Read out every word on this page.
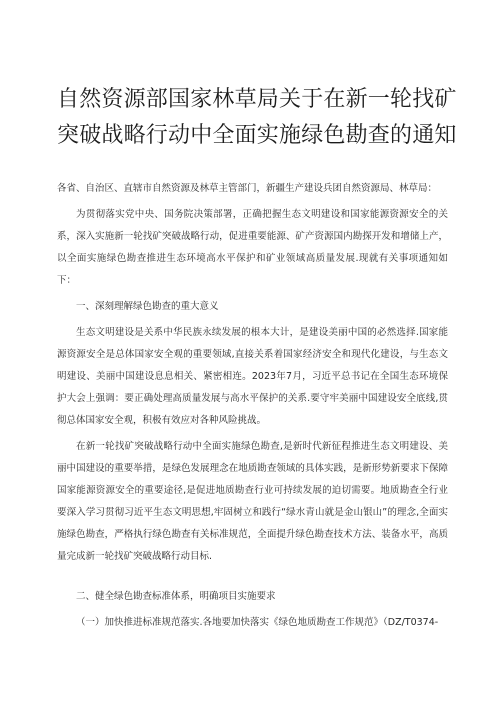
自然资源部国家林草局关于在新一轮找矿
突破战略行动中全面实施绿色勘查的通知

各省、自治区、直辖市自然资源及林草主管部门，新疆生产建设兵团自然资源局、林草局：

为贯彻落实党中央、国务院决策部署，正确把握生态文明建设和国家能源资源安全的关系，深入实施新一轮找矿突破战略行动，促进重要能源、矿产资源国内勘探开发和增储上产，以全面实施绿色勘查推进生态环境高水平保护和矿业领域高质量发展.现就有关事项通知如下：

一、深刻理解绿色勘查的重大意义

生态文明建设是关系中华民族永续发展的根本大计，是建设美丽中国的必然选择.国家能源资源安全是总体国家安全观的重要领域,直接关系着国家经济安全和现代化建设，与生态文明建设、美丽中国建设息息相关、紧密相连。2023年7月，习近平总书记在全国生态环境保护大会上强调：要正确处理高质量发展与高水平保护的关系.要守牢美丽中国建设安全底线,贯彻总体国家安全观，积极有效应对各种风险挑战。

在新一轮找矿突破战略行动中全面实施绿色勘查,是新时代新征程推进生态文明建设、美丽中国建设的重要举措，是绿色发展理念在地质勘查领域的具体实践，是新形势新要求下保障国家能源资源安全的重要途径,是促进地质勘查行业可持续发展的迫切需要。地质勘查全行业要深入学习贯彻习近平生态文明思想,牢固树立和践行“绿水青山就是金山银山”的理念,全面实施绿色勘查，严格执行绿色勘查有关标准规范，全面提升绿色勘查技术方法、装备水平，高质量完成新一轮找矿突破战略行动目标.

二、健全绿色勘查标准体系，明确项目实施要求

（一）加快推进标准规范落实.各地要加快落实《绿色地质勘查工作规范》（DZ/T0374-
